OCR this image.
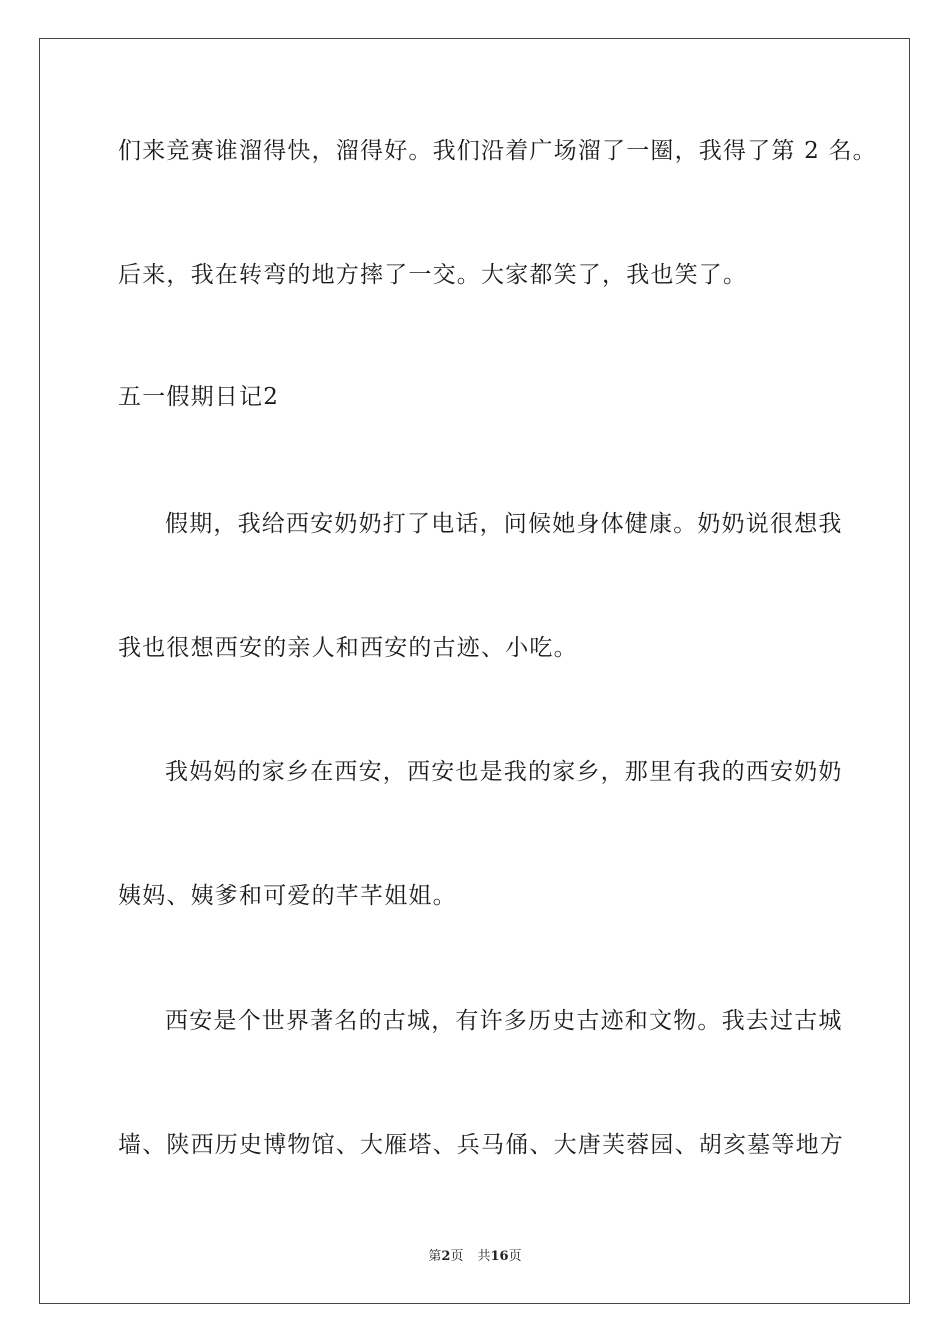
们来竞赛谁溜得快，溜得好。我们沿着广场溜了一圈，我得了第 2 名。
后来，我在转弯的地方摔了一交。大家都笑了，我也笑了。
五一假期日记2
假期，我给西安奶奶打了电话，问候她身体健康。奶奶说很想我
我也很想西安的亲人和西安的古迹、小吃。
我妈妈的家乡在西安，西安也是我的家乡，那里有我的西安奶奶
姨妈、姨爹和可爱的芊芊姐姐。
西安是个世界著名的古城，有许多历史古迹和文物。我去过古城
墙、陕西历史博物馆、大雁塔、兵马俑、大唐芙蓉园、胡亥墓等地方
第2页 共16页
